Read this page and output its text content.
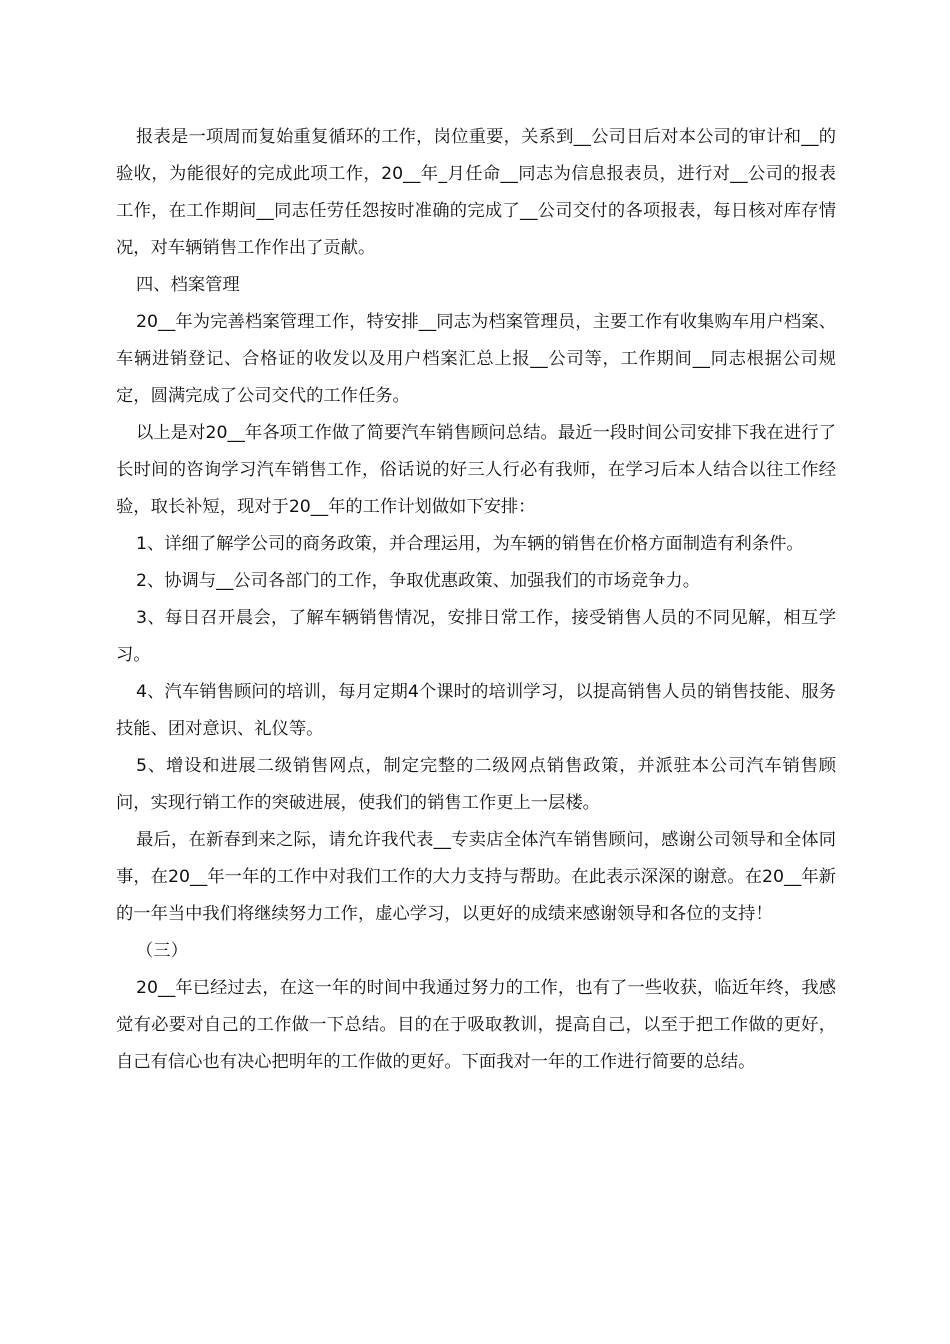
报表是一项周而复始重复循环的工作，岗位重要，关系到__公司日后对本公司的审计和__的验收，为能很好的完成此项工作，20__年_月任命__同志为信息报表员，进行对__公司的报表工作，在工作期间__同志任劳任怨按时准确的完成了__公司交付的各项报表，每日核对库存情况，对车辆销售工作作出了贡献。

四、档案管理

20__年为完善档案管理工作，特安排__同志为档案管理员，主要工作有收集购车用户档案、车辆进销登记、合格证的收发以及用户档案汇总上报__公司等，工作期间__同志根据公司规定，圆满完成了公司交代的工作任务。

以上是对20__年各项工作做了简要汽车销售顾问总结。最近一段时间公司安排下我在进行了长时间的咨询学习汽车销售工作，俗话说的好三人行必有我师，在学习后本人结合以往工作经验，取长补短，现对于20__年的工作计划做如下安排：

1、详细了解学公司的商务政策，并合理运用，为车辆的销售在价格方面制造有利条件。

2、协调与__公司各部门的工作，争取优惠政策、加强我们的市场竞争力。

3、每日召开晨会，了解车辆销售情况，安排日常工作，接受销售人员的不同见解，相互学习。

4、汽车销售顾问的培训，每月定期4个课时的培训学习，以提高销售人员的销售技能、服务技能、团对意识、礼仪等。

5、增设和进展二级销售网点，制定完整的二级网点销售政策，并派驻本公司汽车销售顾问，实现行销工作的突破进展，使我们的销售工作更上一层楼。

最后，在新春到来之际，请允许我代表__专卖店全体汽车销售顾问，感谢公司领导和全体同事，在20__年一年的工作中对我们工作的大力支持与帮助。在此表示深深的谢意。在20__年新的一年当中我们将继续努力工作，虚心学习，以更好的成绩来感谢领导和各位的支持！

（三）

20__年已经过去，在这一年的时间中我通过努力的工作，也有了一些收获，临近年终，我感觉有必要对自己的工作做一下总结。目的在于吸取教训，提高自己，以至于把工作做的更好，自己有信心也有决心把明年的工作做的更好。下面我对一年的工作进行简要的总结。
